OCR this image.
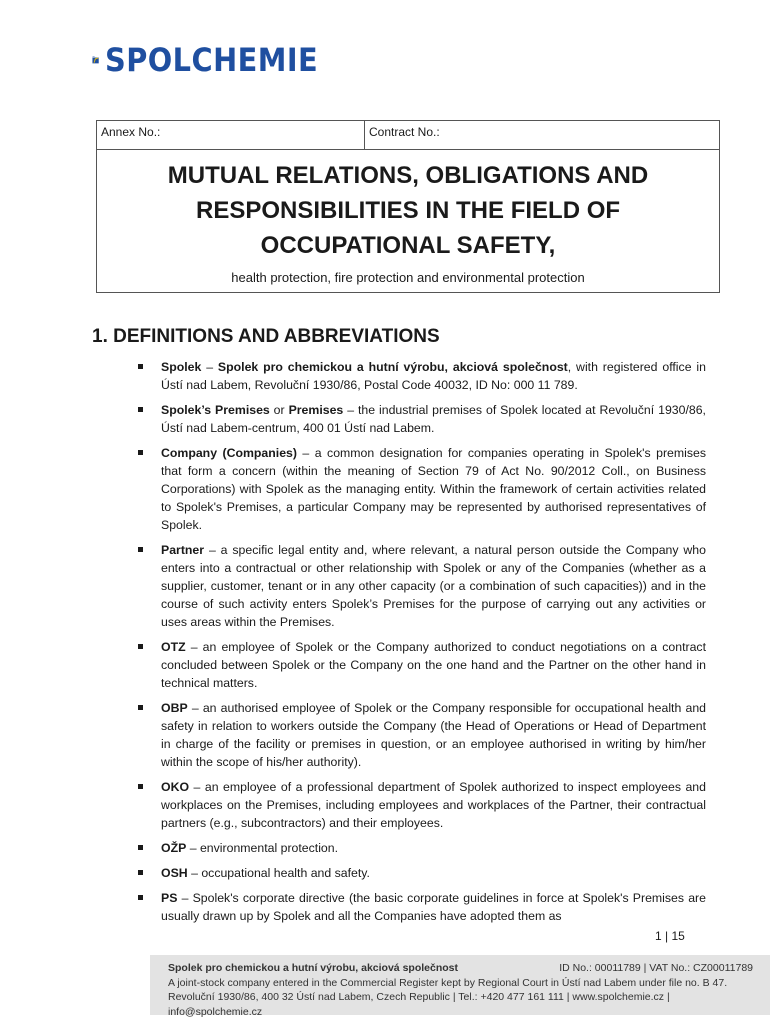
SPOLCHEMIE
Annex No.:	Contract No.:
MUTUAL RELATIONS, OBLIGATIONS AND
RESPONSIBILITIES IN THE FIELD OF
OCCUPATIONAL SAFETY,
health protection, fire protection and environmental protection
1. DEFINITIONS AND ABBREVIATIONS
Spolek – Spolek pro chemickou a hutní výrobu, akciová společnost, with registered office in Ústí nad Labem, Revoluční 1930/86, Postal Code 40032, ID No: 000 11 789.
Spolek’s Premises or Premises – the industrial premises of Spolek located at Revoluční 1930/86, Ústí nad Labem-centrum, 400 01 Ústí nad Labem.
Company (Companies) – a common designation for companies operating in Spolek's premises that form a concern (within the meaning of Section 79 of Act No. 90/2012 Coll., on Business Corporations) with Spolek as the managing entity. Within the framework of certain activities related to Spolek's Premises, a particular Company may be represented by authorised representatives of Spolek.
Partner – a specific legal entity and, where relevant, a natural person outside the Company who enters into a contractual or other relationship with Spolek or any of the Companies (whether as a supplier, customer, tenant or in any other capacity (or a combination of such capacities)) and in the course of such activity enters Spolek’s Premises for the purpose of carrying out any activities or uses areas within the Premises.
OTZ – an employee of Spolek or the Company authorized to conduct negotiations on a contract concluded between Spolek or the Company on the one hand and the Partner on the other hand in technical matters.
OBP – an authorised employee of Spolek or the Company responsible for occupational health and safety in relation to workers outside the Company (the Head of Operations or Head of Department in charge of the facility or premises in question, or an employee authorised in writing by him/her within the scope of his/her authority).
OKO – an employee of a professional department of Spolek authorized to inspect employees and workplaces on the Premises, including employees and workplaces of the Partner, their contractual partners (e.g., subcontractors) and their employees.
OŽP – environmental protection.
OSH – occupational health and safety.
PS – Spolek's corporate directive (the basic corporate guidelines in force at Spolek's Premises are usually drawn up by Spolek and all the Companies have adopted them as
1 | 15
Spolek pro chemickou a hutní výrobu, akciová společnost	ID No.: 00011789 | VAT No.: CZ00011789
A joint-stock company entered in the Commercial Register kept by Regional Court in Ústí nad Labem under file no. B 47.
Revoluční 1930/86, 400 32 Ústí nad Labem, Czech Republic | Tel.: +420 477 161 111 | www.spolchemie.cz | info@spolchemie.cz
